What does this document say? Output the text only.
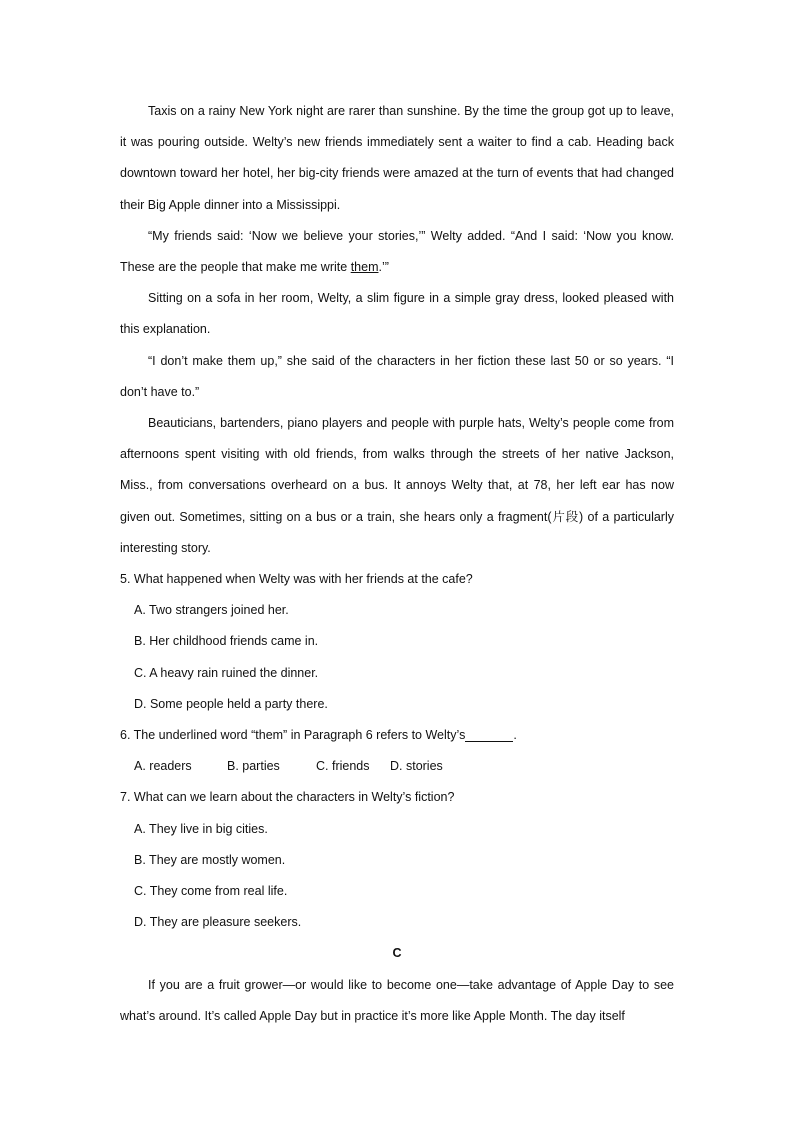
Taxis on a rainy New York night are rarer than sunshine. By the time the group got up to leave, it was pouring outside. Welty’s new friends immediately sent a waiter to find a cab. Heading back downtown toward her hotel, her big-city friends were amazed at the turn of events that had changed their Big Apple dinner into a Mississippi.

“My friends said: ‘Now we believe your stories,’” Welty added. “And I said: ‘Now you know. These are the people that make me write them.’”

Sitting on a sofa in her room, Welty, a slim figure in a simple gray dress, looked pleased with this explanation.

“I don’t make them up,” she said of the characters in her fiction these last 50 or so years. “I don’t have to.”

Beauticians, bartenders, piano players and people with purple hats, Welty’s people come from afternoons spent visiting with old friends, from walks through the streets of her native Jackson, Miss., from conversations overheard on a bus. It annoys Welty that, at 78, her left ear has now given out. Sometimes, sitting on a bus or a train, she hears only a fragment(片段) of a particularly interesting story.

5. What happened when Welty was with her friends at the cafe?

A. Two strangers joined her.

B. Her childhood friends came in.

C. A heavy rain ruined the dinner.

D. Some people held a party there.

6. The underlined word “them” in Paragraph 6 refers to Welty’s	.

A. readers	B. parties	C. friends	D. stories

7. What can we learn about the characters in Welty’s fiction?

A. They live in big cities.

B. They are mostly women.

C. They come from real life.

D. They are pleasure seekers.

C

If you are a fruit grower—or would like to become one—take advantage of Apple Day to see what’s around. It’s called Apple Day but in practice it’s more like Apple Month. The day itself
